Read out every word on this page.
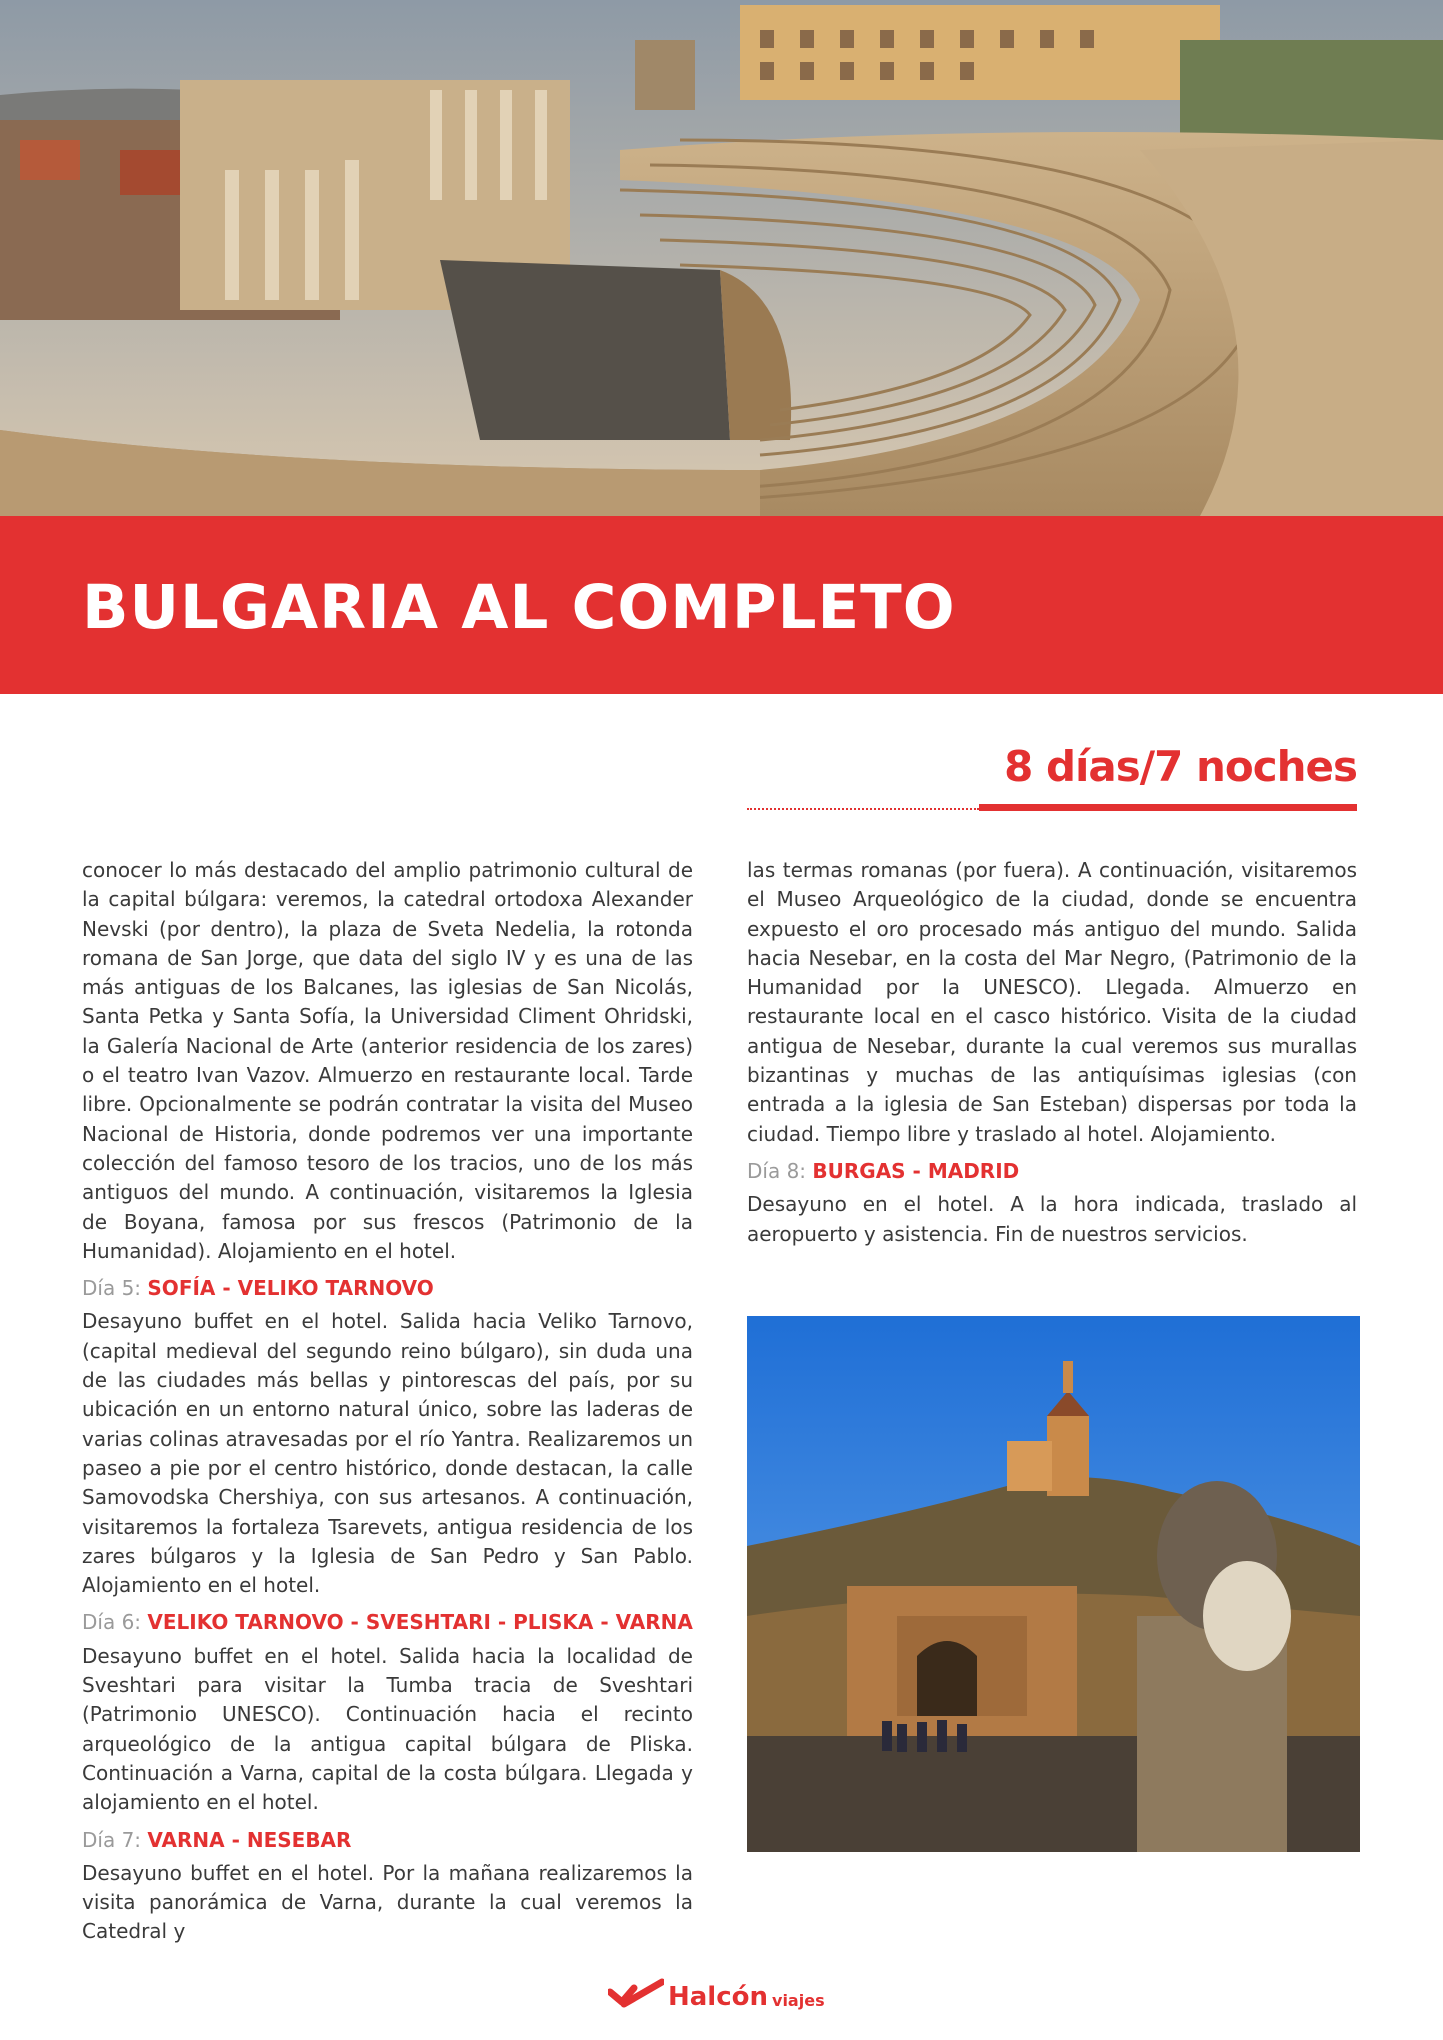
BULGARIA AL COMPLETO
8 días/7 noches

conocer lo más destacado del amplio patrimonio cultural de la capital búlgara: veremos, la catedral ortodoxa Alexander Nevski (por dentro), la plaza de Sveta Nedelia, la rotonda romana de San Jorge, que data del siglo IV y es una de las más antiguas de los Balcanes, las iglesias de San Nicolás, Santa Petka y Santa Sofía, la Universidad Climent Ohridski, la Galería Nacional de Arte (anterior residencia de los zares) o el teatro Ivan Vazov. Almuerzo en restaurante local. Tarde libre. Opcionalmente se podrán contratar la visita del Museo Nacional de Historia, donde podremos ver una importante colección del famoso tesoro de los tracios, uno de los más antiguos del mundo. A continuación, visitaremos la Iglesia de Boyana, famosa por sus frescos (Patrimonio de la Humanidad). Alojamiento en el hotel.

Día 5: SOFÍA - VELIKO TARNOVO

Desayuno buffet en el hotel. Salida hacia Veliko Tarnovo, (capital medieval del segundo reino búlgaro), sin duda una de las ciudades más bellas y pintorescas del país, por su ubicación en un entorno natural único, sobre las laderas de varias colinas atravesadas por el río Yantra. Realizaremos un paseo a pie por el centro histórico, donde destacan, la calle Samovodska Chershiya, con sus artesanos. A continuación, visitaremos la fortaleza Tsarevets, antigua residencia de los zares búlgaros y la Iglesia de San Pedro y San Pablo. Alojamiento en el hotel.

Día 6: VELIKO TARNOVO - SVESHTARI - PLISKA - VARNA

Desayuno buffet en el hotel. Salida hacia la localidad de Sveshtari para visitar la Tumba tracia de Sveshtari (Patrimonio UNESCO). Continuación hacia el recinto arqueológico de la antigua capital búlgara de Pliska. Continuación a Varna, capital de la costa búlgara. Llegada y alojamiento en el hotel.

Día 7: VARNA - NESEBAR

Desayuno buffet en el hotel. Por la mañana realizaremos la visita panorámica de Varna, durante la cual veremos la Catedral y

las termas romanas (por fuera). A continuación, visitaremos el Museo Arqueológico de la ciudad, donde se encuentra expuesto el oro procesado más antiguo del mundo. Salida hacia Nesebar, en la costa del Mar Negro, (Patrimonio de la Humanidad por la UNESCO). Llegada. Almuerzo en restaurante local en el casco histórico. Visita de la ciudad antigua de Nesebar, durante la cual veremos sus murallas bizantinas y muchas de las antiquísimas iglesias (con entrada a la iglesia de San Esteban) dispersas por toda la ciudad. Tiempo libre y traslado al hotel. Alojamiento.

Día 8: BURGAS - MADRID

Desayuno en el hotel. A la hora indicada, traslado al aeropuerto y asistencia. Fin de nuestros servicios.

Halcón viajes
